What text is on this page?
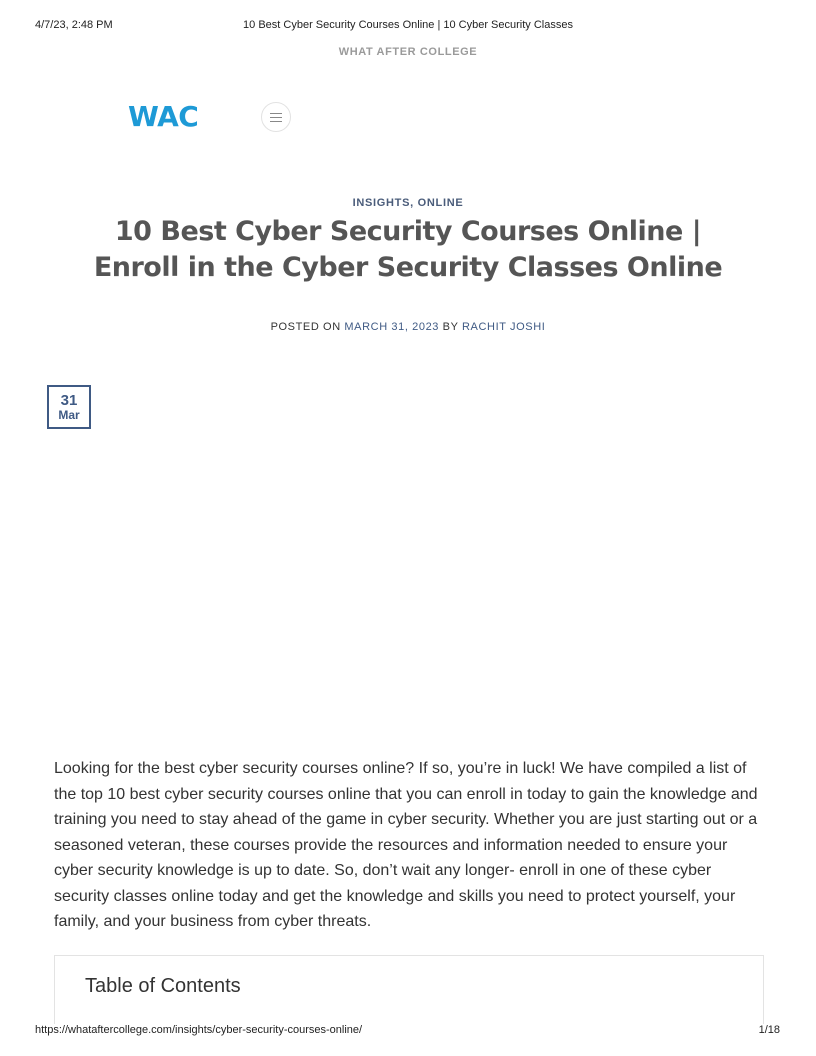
4/7/23, 2:48 PM	10 Best Cyber Security Courses Online | 10 Cyber Security Classes
WHAT AFTER COLLEGE
WAC
INSIGHTS, ONLINE
10 Best Cyber Security Courses Online | Enroll in the Cyber Security Classes Online
POSTED ON MARCH 31, 2023 BY RACHIT JOSHI
31
Mar

Looking for the best cyber security courses online? If so, you’re in luck! We have compiled a list of the top 10 best cyber security courses online that you can enroll in today to gain the knowledge and training you need to stay ahead of the game in cyber security. Whether you are just starting out or a seasoned veteran, these courses provide the resources and information needed to ensure your cyber security knowledge is up to date. So, don’t wait any longer- enroll in one of these cyber security classes online today and get the knowledge and skills you need to protect yourself, your family, and your business from cyber threats.

Table of Contents
https://whataftercollege.com/insights/cyber-security-courses-online/	1/18
